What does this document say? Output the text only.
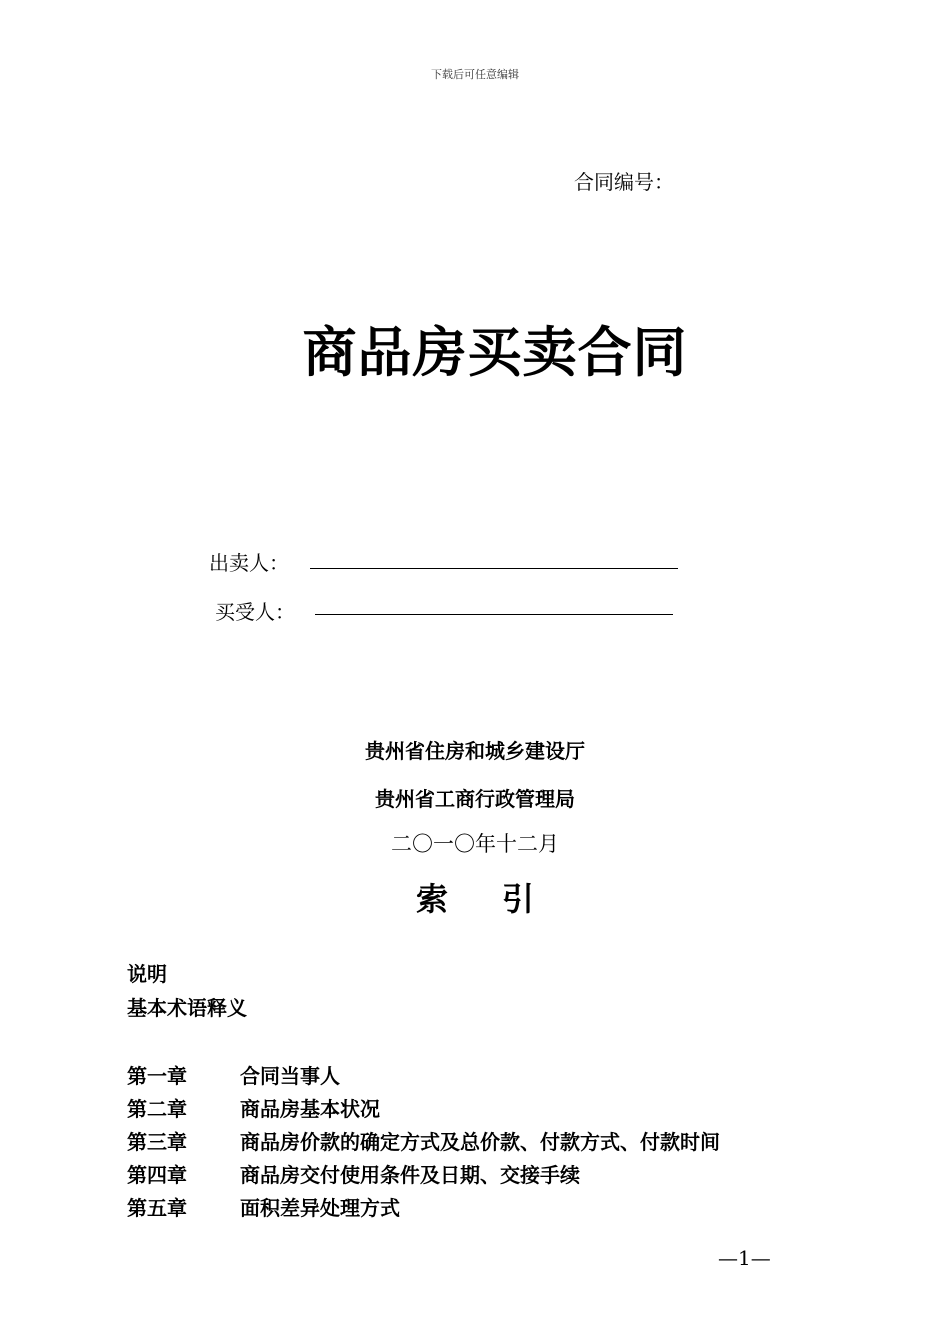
下载后可任意编辑
合同编号：
商品房买卖合同
出卖人：
买受人：
贵州省住房和城乡建设厅
贵州省工商行政管理局
二〇一〇年十二月
索引
说明
基本术语释义
第一章	合同当事人
第二章	商品房基本状况
第三章	商品房价款的确定方式及总价款、付款方式、付款时间
第四章	商品房交付使用条件及日期、交接手续
第五章	面积差异处理方式
—1—
